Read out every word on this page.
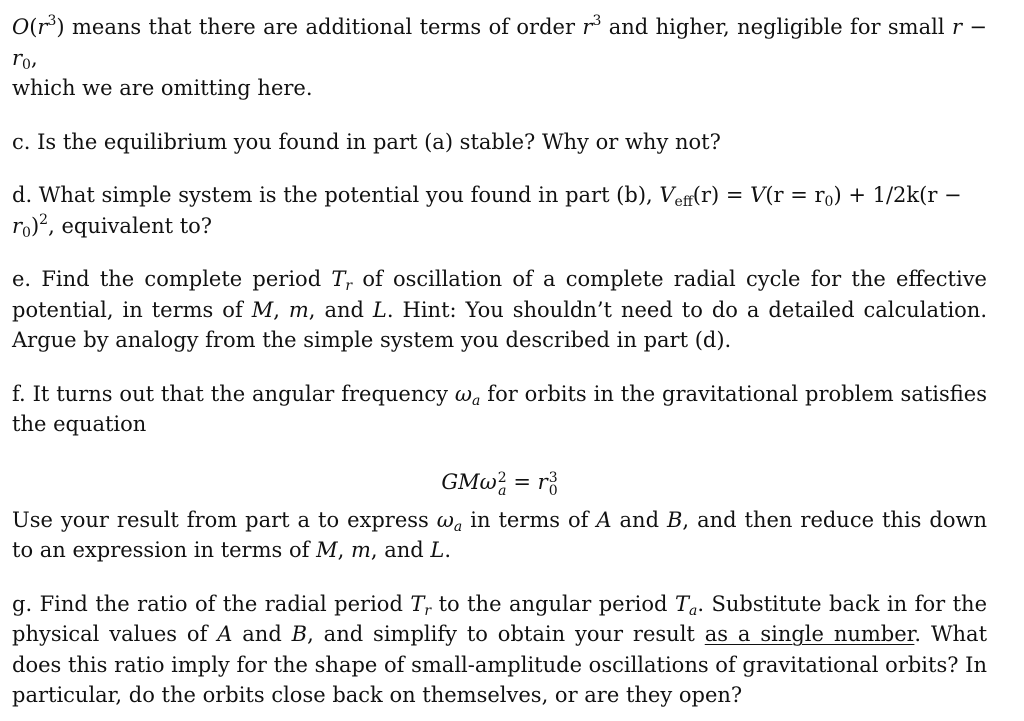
$O(r^3)$ means that there are additional terms of order $r^3$ and higher, negligible for small $r - r_0$,
which we are omitting here.

c. Is the equilibrium you found in part (a) stable? Why or why not?

d. What simple system is the potential you found in part (b), $V_{eff}(r) = V(r = r_0) + 1/2k(r$ −
$r_0)^2$, equivalent to?

e. Find the complete period $T_r$ of oscillation of a complete radial cycle for the effective potential, in terms of M, m, and L. Hint: You shouldn’t need to do a detailed calculation. Argue by analogy from the simple system you described in part (d).

f. It turns out that the angular frequency $\omega_a$ for orbits in the gravitational problem satisfies the equation

GMω 2
a = r 3
0

Use your result from part a to express $\omega_a$ in terms of A and B, and then reduce this down to an expression in terms of M, m, and L.

g. Find the ratio of the radial period $T_r$ to the angular period $T_a$. Substitute back in for the physical values of A and B, and simplify to obtain your result as a single number. What does this ratio imply for the shape of small-amplitude oscillations of gravitational orbits? In particular, do the orbits close back on themselves, or are they open?
